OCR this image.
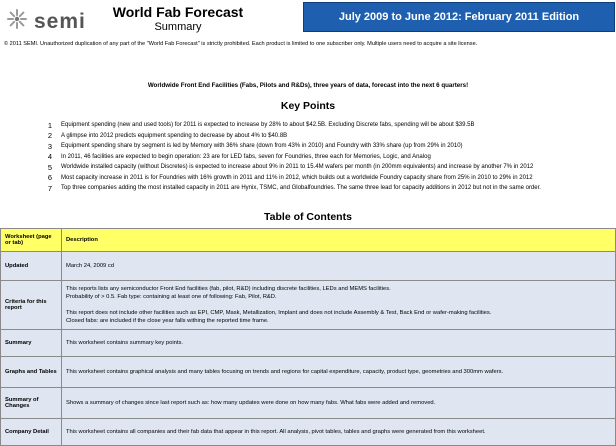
semi	World Fab Forecast
Summary
July 2009 to June 2012: February 2011 Edition
© 2011 SEMI. Unauthorized duplication of any part of the "World Fab Forecast" is strictly prohibited. Each product is limited to one subscriber only. Multiple users need to acquire a site license.
Worldwide Front End Facilities (Fabs, Pilots and R&Ds), three years of data, forecast into the next 6 quarters!
Key Points
1	Equipment spending (new and used tools) for 2011 is expected to increase by 28% to about $42.5B. Excluding Discrete fabs, spending will be about $39.5B
2	A glimpse into 2012 predicts equipment spending to decrease by about 4% to $40.8B
3	Equipment spending share by segment is led by Memory with 36% share (down from 43% in 2010) and Foundry with 33% share (up from 29% in 2010)
4	In 2011, 46 facilities are expected to begin operation: 23 are for LED fabs, seven for Foundries, three each for Memories, Logic, and Analog
5	Worldwide installed capacity (without Discretes) is expected to increase about 9% in 2011 to 15.4M wafers per month (in 200mm equivalents) and increase by another 7% in 2012
6	Most capacity increase in 2011 is for Foundries with 16% growth in 2011 and 11% in 2012, which builds out a worldwide Foundry capacity share from 25% in 2010 to 29% in 2012
7	Top three companies adding the most installed capacity in 2011 are Hynix, TSMC, and Globalfoundries. The same three lead for capacity additions in 2012 but not in the same order.
Table of Contents
Worksheet (page or tab)	Description
Updated	March 24, 2009 cd

Criteria for this report	This reports lists any semiconductor Front End facilities (fab, pilot, R&D) including discrete facilities, LEDs and MEMS facilities.
Probability of > 0.5. Fab type: containing at least one of following: Fab, Pilot, R&D.

This report does not include other facilities such as EPI, CMP, Mask, Metallization, Implant and does not include Assembly & Test, Back End or wafer-making facilities.
Closed fabs: are included if the close year falls withing the reported time frame.

Summary	This worksheet contains summary key points.

Graphs and Tables	This worksheet contains graphical analysis and many tables focusing on trends and regions for capital expenditure, capacity, product type, geometries and 300mm wafers.

Summary of Changes	Shows a summary of changes since last report such as: how many updates were done on how many fabs. What fabs were added and removed.

Company Detail	This worksheet contains all companies and their fab data that appear in this report. All analysis, pivot tables, tables and graphs were generated from this worksheet.
